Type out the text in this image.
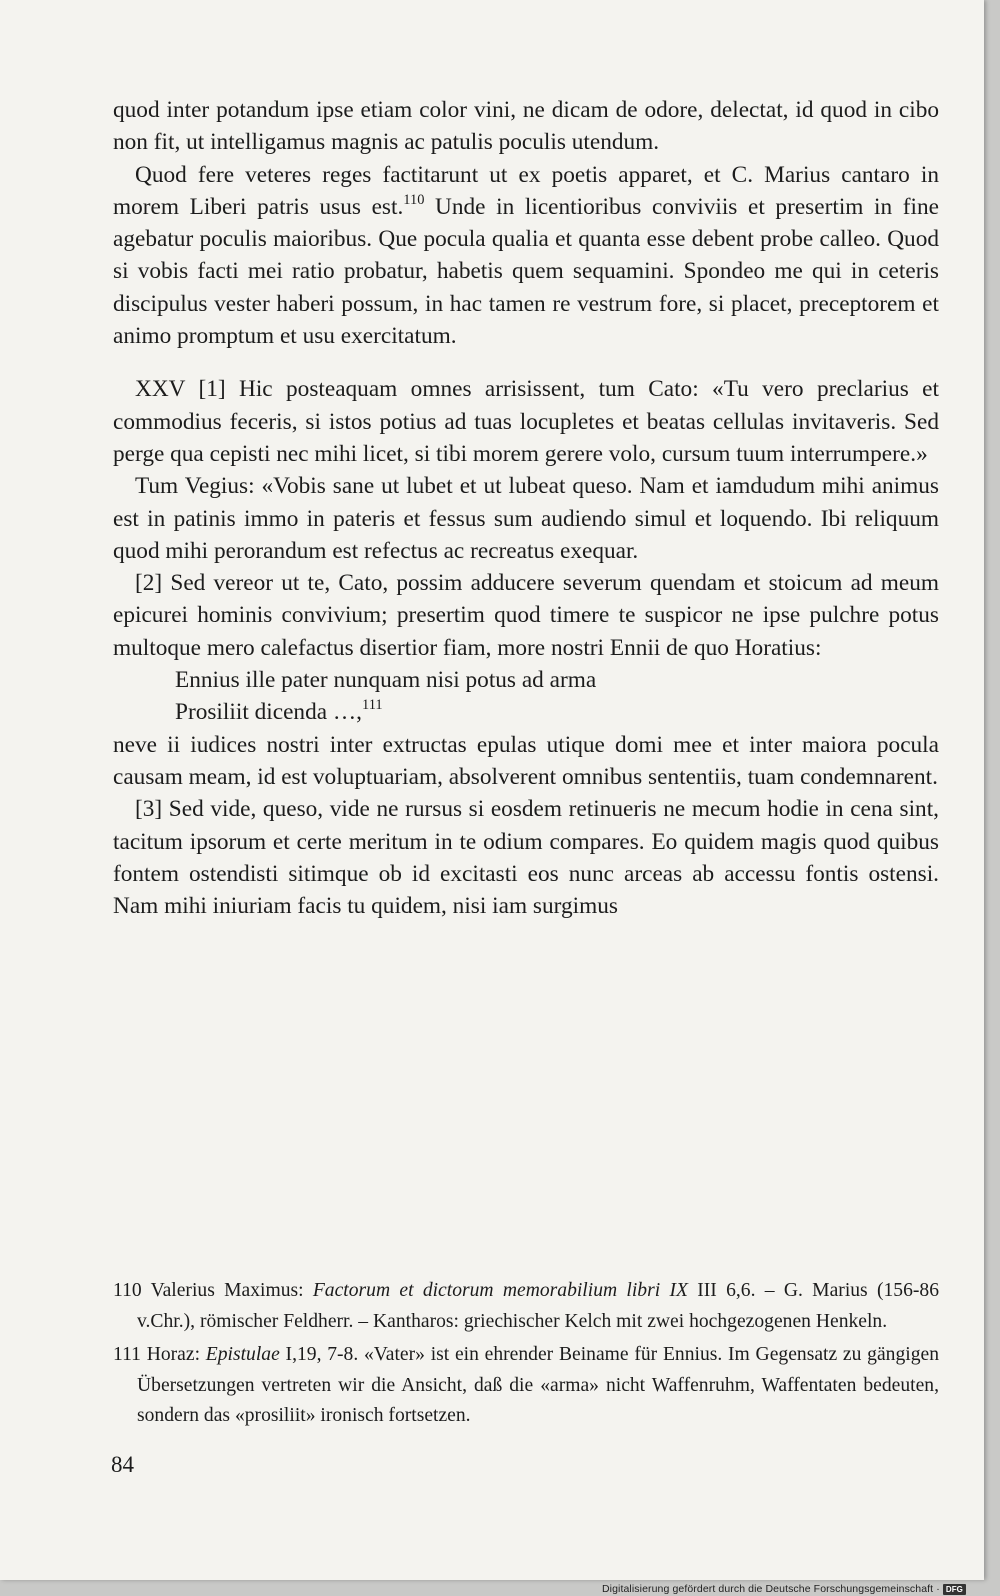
quod inter potandum ipse etiam color vini, ne dicam de odore, delectat, id quod in cibo non fit, ut intelligamus magnis ac patulis poculis utendum.

Quod fere veteres reges factitarunt ut ex poetis apparet, et C. Marius cantaro in morem Liberi patris usus est.$^{110}$ Unde in licentioribus conviviis et presertim in fine agebatur poculis maioribus. Que pocula qualia et quanta esse debent probe calleo. Quod si vobis facti mei ratio probatur, habetis quem sequamini. Spondeo me qui in ceteris discipulus vester haberi possum, in hac tamen re vestrum fore, si placet, preceptorem et animo promptum et usu exercitatum.

XXV [1] Hic posteaquam omnes arrisissent, tum Cato: «Tu vero preclarius et commodius feceris, si istos potius ad tuas locupletes et beatas cellulas invitaveris. Sed perge qua cepisti nec mihi licet, si tibi morem gerere volo, cursum tuum interrumpere.»

Tum Vegius: «Vobis sane ut lubet et ut lubeat queso. Nam et iamdudum mihi animus est in patinis immo in pateris et fessus sum audiendo simul et loquendo. Ibi reliquum quod mihi perorandum est refectus ac recreatus exequar.

[2] Sed vereor ut te, Cato, possim adducere severum quendam et stoicum ad meum epicurei hominis convivium; presertim quod timere te suspicor ne ipse pulchre potus multoque mero calefactus disertior fiam, more nostri Ennii de quo Horatius:

Ennius ille pater nunquam nisi potus ad arma

Prosiliit dicenda …,$^{111}$

neve ii iudices nostri inter extructas epulas utique domi mee et inter maiora pocula causam meam, id est voluptuariam, absolverent omnibus sententiis, tuam condemnarent.

[3] Sed vide, queso, vide ne rursus si eosdem retinueris ne mecum hodie in cena sint, tacitum ipsorum et certe meritum in te odium compares. Eo quidem magis quod quibus fontem ostendisti sitimque ob id excitasti eos nunc arceas ab accessu fontis ostensi. Nam mihi iniuriam facis tu quidem, nisi iam surgimus

110 Valerius Maximus: Factorum et dictorum memorabilium libri IX III 6,6. – G. Marius (156-86 v.Chr.), römischer Feldherr. – Kantharos: griechischer Kelch mit zwei hochgezogenen Henkeln.

111 Horaz: Epistulae I,19, 7-8. «Vater» ist ein ehrender Beiname für Ennius. Im Gegensatz zu gängigen Übersetzungen vertreten wir die Ansicht, daß die «arma» nicht Waffenruhm, Waffentaten bedeuten, sondern das «prosiliit» ironisch fortsetzen.

84
Digitalisierung gefördert durch die Deutsche Forschungsgemeinschaft · DFG
